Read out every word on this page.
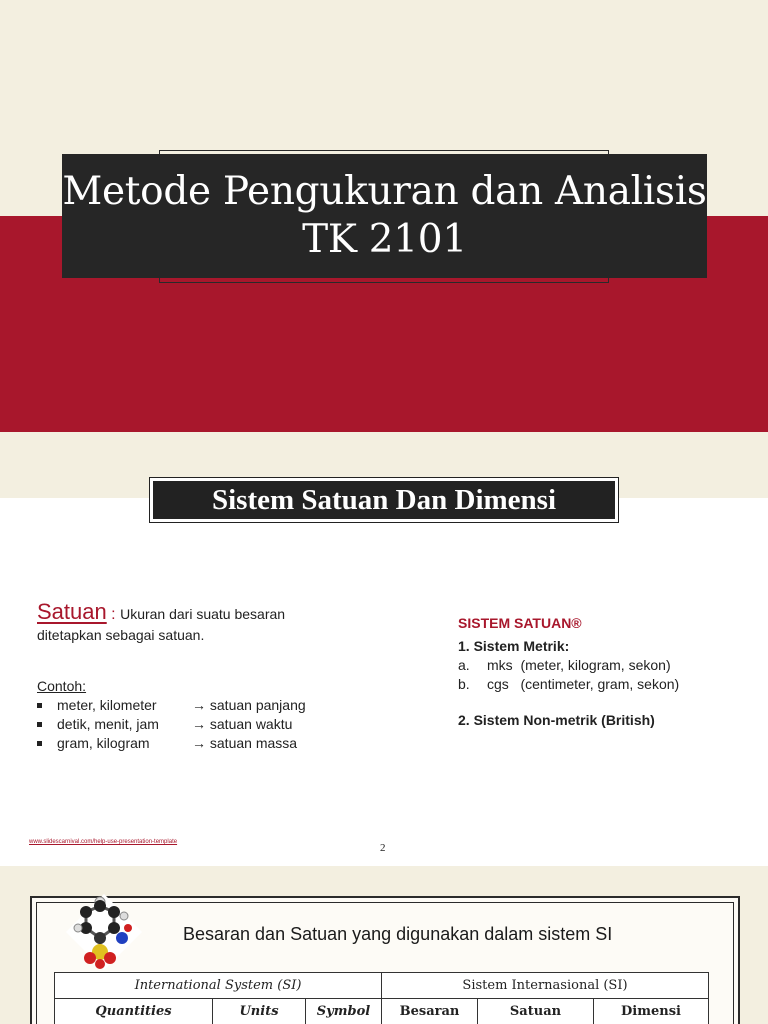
Metode Pengukuran dan Analisis
TK 2101
Sistem Satuan Dan Dimensi
Satuan : Ukuran dari suatu besaran ditetapkan sebagai satuan.
Contoh:
meter, kilometer	→ satuan panjang
detik, menit, jam → satuan waktu
gram, kilogram	→ satuan massa
SISTEM SATUAN®
1. Sistem Metrik:
a. mks  (meter, kilogram, sekon)
b. cgs   (centimeter, gram, sekon)
2. Sistem Non-metrik (British)
www.slidescarnival.com/help-use-presentation-template	2
Besaran dan Satuan yang digunakan dalam sistem SI
International System (SI)			Sistem Internasional (SI)		
Quantities	Units	Symbol	Besaran	Satuan	Dimensi
